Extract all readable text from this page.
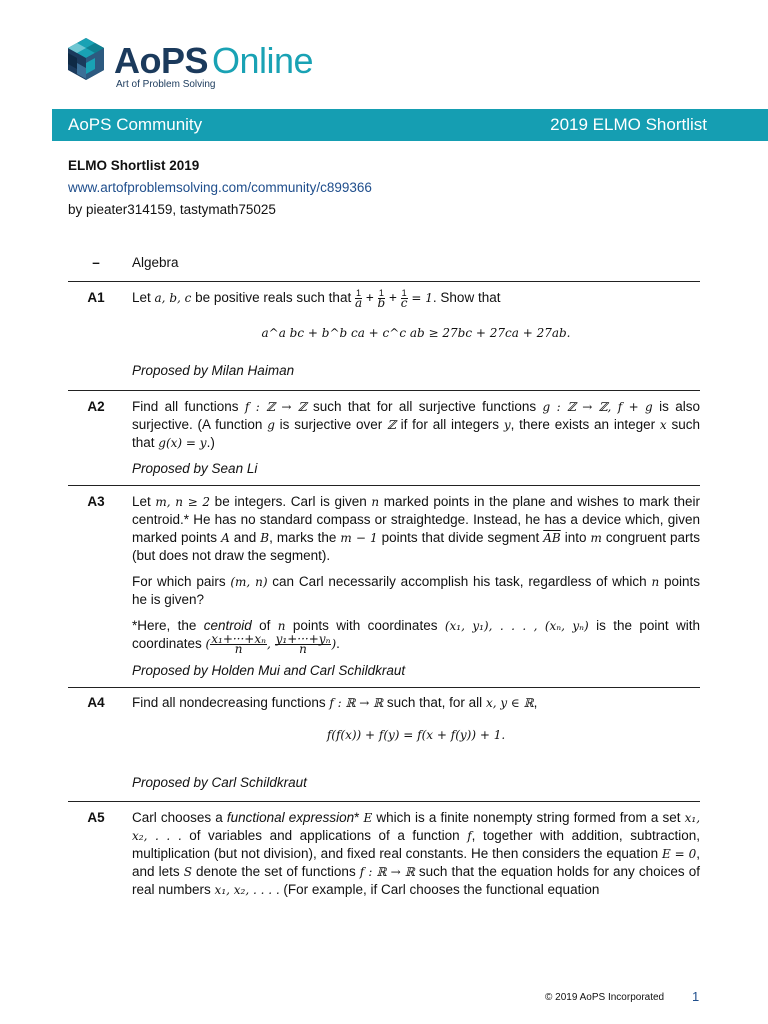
AoPS Online
Art of Problem Solving
AoPS Community	2019 ELMO Shortlist
ELMO Shortlist 2019
www.artofproblemsolving.com/community/c899366
by pieater314159, tastymath75025
–	Algebra
A1	Let a, b, c be positive reals such that $\frac{1}{a} + \frac{1}{b} + \frac{1}{c} = 1$. Show that

a^a bc + b^b ca + c^c ab ≥ 27bc + 27ca + 27ab.

Proposed by Milan Haiman

A2	Find all functions f : ℤ → ℤ such that for all surjective functions g : ℤ → ℤ, f + g is also surjective. (A function g is surjective over ℤ if for all integers y, there exists an integer x such that g(x) = y.)

Proposed by Sean Li

A3	Let m, n ≥ 2 be integers. Carl is given n marked points in the plane and wishes to mark their centroid.* He has no standard compass or straightedge. Instead, he has a device which, given marked points A and B, marks the m − 1 points that divide segment $\overline{AB}$ into m congruent parts (but does not draw the segment).

For which pairs (m, n) can Carl necessarily accomplish his task, regardless of which n points he is given?

*Here, the centroid of n points with coordinates (x₁, y₁), . . . , (xₙ, yₙ) is the point with coordinates ( $\frac{\text{x₁+···+xₙ}}{n}$ , $\frac{\text{y₁+···+yₙ}}{n}$ ).

Proposed by Holden Mui and Carl Schildkraut

A4	Find all nondecreasing functions f : ℝ → ℝ such that, for all x, y ∈ ℝ,

f(f(x)) + f(y) = f(x + f(y)) + 1.

Proposed by Carl Schildkraut

A5	Carl chooses a functional expression* E which is a finite nonempty string formed from a set x₁, x₂, . . . of variables and applications of a function f, together with addition, subtraction, multiplication (but not division), and fixed real constants. He then considers the equation E = 0, and lets S denote the set of functions f : ℝ → ℝ such that the equation holds for any choices of real numbers x₁, x₂, . . . . (For example, if Carl chooses the functional equation

© 2019 AoPS Incorporated 1
